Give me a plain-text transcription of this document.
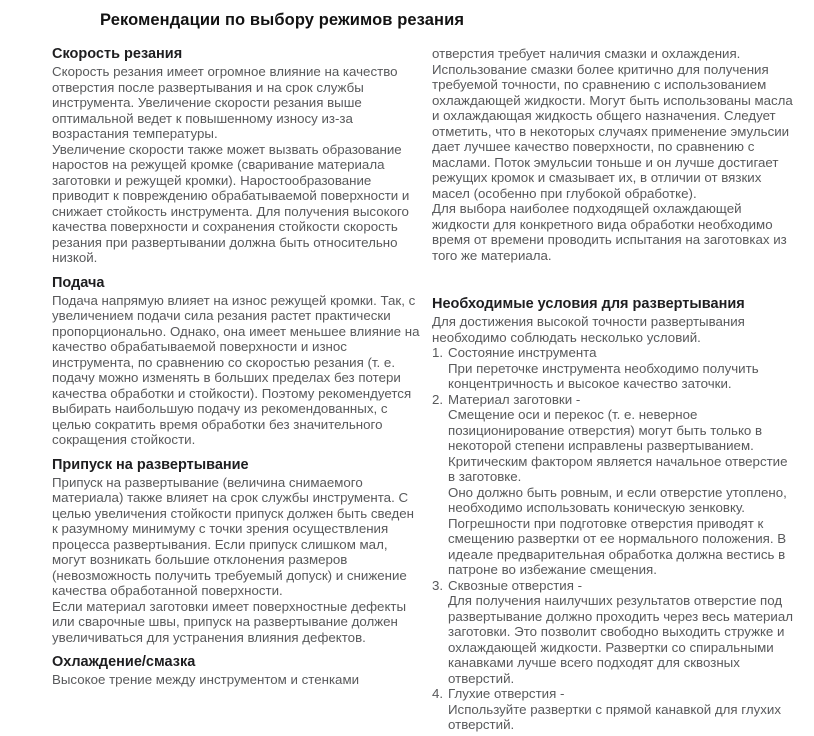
Рекомендации по выбору режимов резания
Скорость резания

Скорость резания имеет огромное влияние на качество отверстия после развертывания и на срок службы инструмента. Увеличение скорости резания выше оптимальной ведет к повышенному износу из-за возрастания температуры.

Увеличение скорости также может вызвать образование наростов на режущей кромке (сваривание материала заготовки и режущей кромки). Наростообразование приводит к повреждению обрабатываемой поверхности и снижает стойкость инструмента. Для получения высокого качества поверхности и сохранения стойкости скорость резания при развертывании должна быть относительно низкой.

Подача

Подача напрямую влияет на износ режущей кромки. Так, с увеличением подачи сила резания растет практически пропорционально. Однако, она имеет меньшее влияние на качество обрабатываемой поверхности и износ инструмента, по сравнению со скоростью резания (т. е. подачу можно изменять в больших пределах без потери качества обработки и стойкости). Поэтому рекомендуется выбирать наибольшую подачу из рекомендованных, с целью сократить время обработки без значительного сокращения стойкости.

Припуск на развертывание

Припуск на развертывание (величина снимаемого материала) также влияет на срок службы инструмента. С целью увеличения стойкости припуск должен быть сведен к разумному минимуму с точки зрения осуществления процесса развертывания. Если припуск слишком мал, могут возникать большие отклонения размеров (невозможность получить требуемый допуск) и снижение качества обработанной поверхности.

Если материал заготовки имеет поверхностные дефекты или сварочные швы, припуск на развертывание должен увеличиваться для устранения влияния дефектов.

Охлаждение/смазка

Высокое трение между инструментом и стенками

отверстия требует наличия смазки и охлаждения. Использование смазки более критично для получения требуемой точности, по сравнению с использованием охлаждающей жидкости. Могут быть использованы масла и охлаждающая жидкость общего назначения. Следует отметить, что в некоторых случаях применение эмульсии дает лучшее качество поверхности, по сравнению с маслами. Поток эмульсии тоньше и он лучше достигает режущих кромок и смазывает их, в отличии от вязких масел (особенно при глубокой обработке).

Для выбора наиболее подходящей охлаждающей жидкости для конкретного вида обработки необходимо время от времени проводить испытания на заготовках из того же материала.

Необходимые условия для развертывания

Для достижения высокой точности развертывания необходимо соблюдать несколько условий.

1. Состояние инструмента

При переточке инструмента необходимо получить концентричность и высокое качество заточки.

2. Материал заготовки -

Смещение оси и перекос (т. е. неверное позиционирование отверстия) могут быть только в некоторой степени исправлены развертыванием. Критическим фактором является начальное отверстие в заготовке.

Оно должно быть ровным, и если отверстие утоплено, необходимо использовать коническую зенковку. Погрешности при подготовке отверстия приводят к смещению развертки от ее нормального положения. В идеале предварительная обработка должна вестись в патроне во избежание смещения.

3. Сквозные отверстия -

Для получения наилучших результатов отверстие под развертывание должно проходить через весь материал заготовки. Это позволит свободно выходить стружке и охлаждающей жидкости. Развертки со спиральными канавками лучше всего подходят для сквозных отверстий.

4. Глухие отверстия -

Используйте развертки с прямой канавкой для глухих отверстий.
